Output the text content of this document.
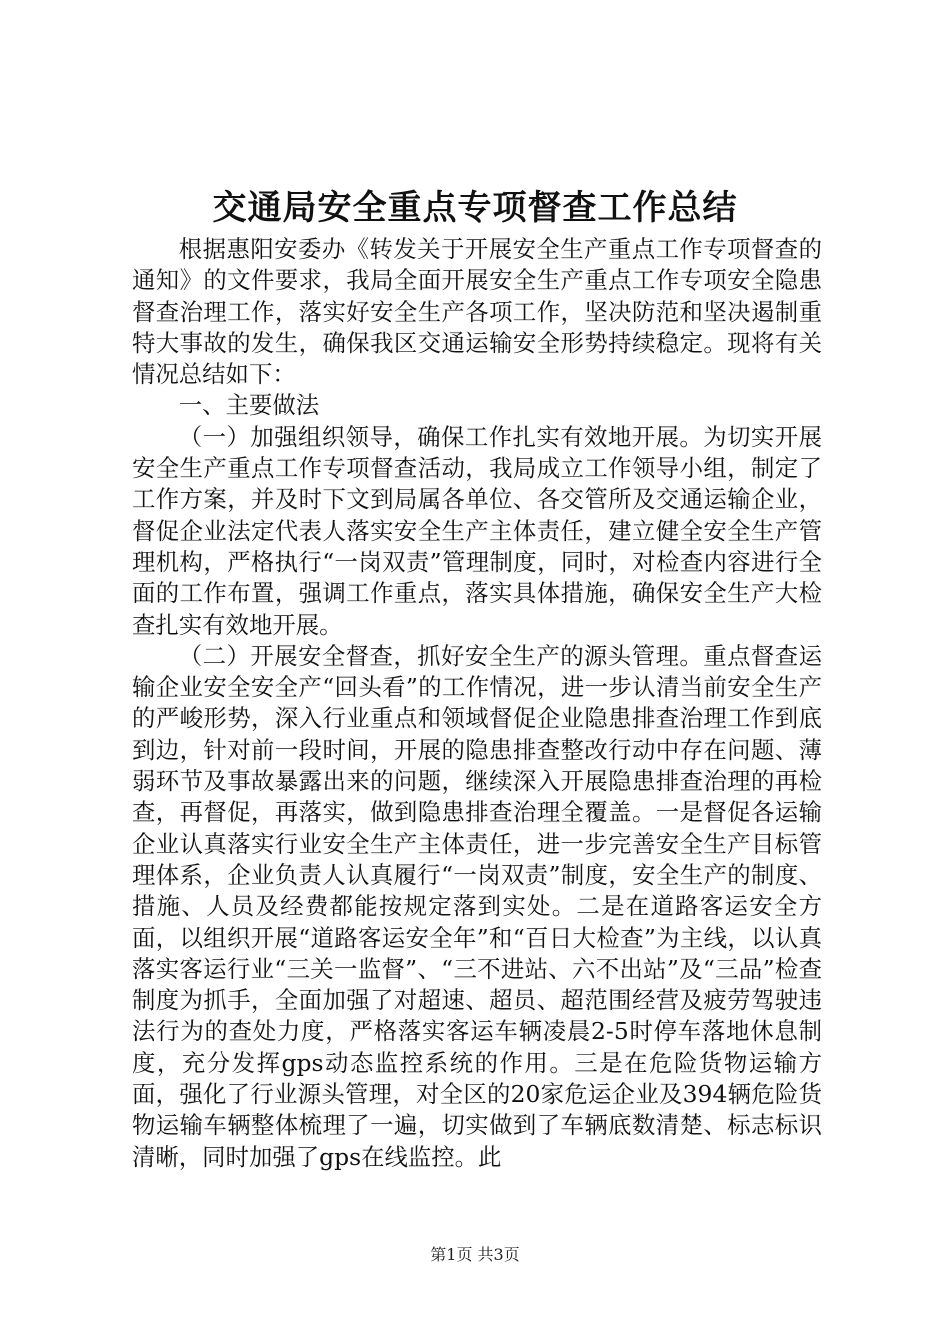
交通局安全重点专项督查工作总结

根据惠阳安委办《转发关于开展安全生产重点工作专项督查的通知》的文件要求，我局全面开展安全生产重点工作专项安全隐患督查治理工作，落实好安全生产各项工作，坚决防范和坚决遏制重特大事故的发生，确保我区交通运输安全形势持续稳定。现将有关情况总结如下：

一、主要做法

（一）加强组织领导，确保工作扎实有效地开展。为切实开展安全生产重点工作专项督查活动，我局成立工作领导小组，制定了工作方案，并及时下文到局属各单位、各交管所及交通运输企业，督促企业法定代表人落实安全生产主体责任，建立健全安全生产管理机构，严格执行“一岗双责”管理制度，同时，对检查内容进行全面的工作布置，强调工作重点，落实具体措施，确保安全生产大检查扎实有效地开展。

（二）开展安全督查，抓好安全生产的源头管理。重点督查运输企业安全安全产“回头看”的工作情况，进一步认清当前安全生产的严峻形势，深入行业重点和领域督促企业隐患排查治理工作到底到边，针对前一段时间，开展的隐患排查整改行动中存在问题、薄弱环节及事故暴露出来的问题，继续深入开展隐患排查治理的再检查，再督促，再落实，做到隐患排查治理全覆盖。一是督促各运输企业认真落实行业安全生产主体责任，进一步完善安全生产目标管理体系，企业负责人认真履行“一岗双责”制度，安全生产的制度、措施、人员及经费都能按规定落到实处。二是在道路客运安全方面，以组织开展“道路客运安全年”和“百日大检查”为主线，以认真落实客运行业“三关一监督”、“三不进站、六不出站”及“三品”检查制度为抓手，全面加强了对超速、超员、超范围经营及疲劳驾驶违法行为的查处力度，严格落实客运车辆凌晨2-5时停车落地休息制度，充分发挥gps动态监控系统的作用。三是在危险货物运输方面，强化了行业源头管理，对全区的20家危运企业及394辆危险货物运输车辆整体梳理了一遍，切实做到了车辆底数清楚、标志标识清晰，同时加强了gps在线监控。此

第1页 共3页
